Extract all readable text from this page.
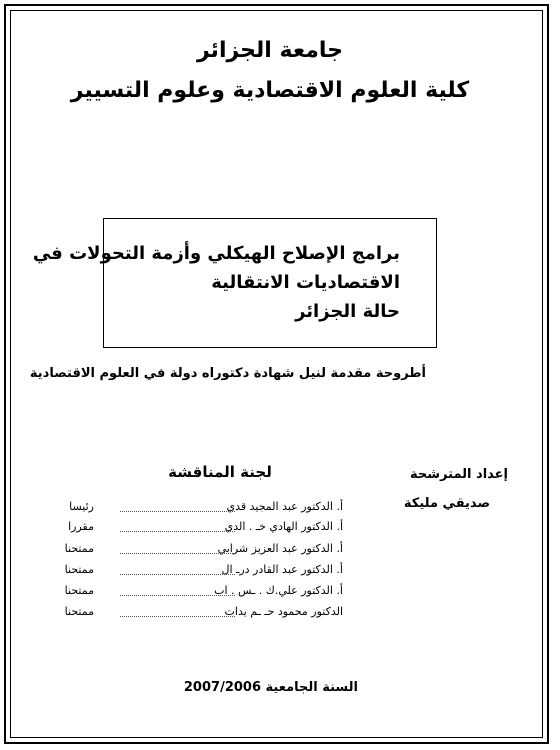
جامعة الجزائر
كلية العلوم الاقتصادية وعلوم التسيير
برامج الإصلاح الهيكلي وأزمة التحولات في
الاقتصاديات الانتقالية
حالة الجزائر
أطروحة مقدمة لنيل شهادة دكتوراه دولة في العلوم الاقتصادية
إعداد المترشحة
صديقي مليكة
لجنة المناقشة
أ. الدكتور عبد المجيد قدي
رئيسا
أ. الدكتور الهادي خـ . الدي
مقررا
أ. الدكتور عبد العزيز شرابي
ممتحنا
أ. الدكتور عبد القادر درـ ال
ممتحنا
أ. الدكتور علي.ك . ـس . اب
ممتحنا
الدكتور محمود حـ ـم يدات
ممتحنا
السنة الجامعية 2007/2006
